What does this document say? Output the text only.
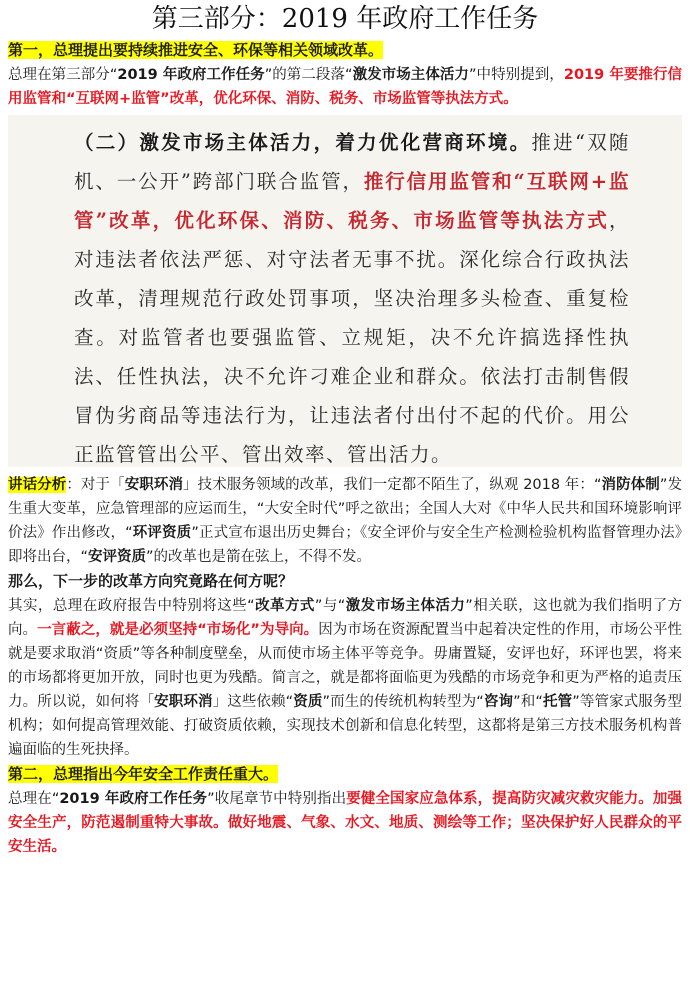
第三部分：2019 年政府工作任务

第一，总理提出要持续推进安全、环保等相关领域改革。

总理在第三部分“2019 年政府工作任务”的第二段落“激发市场主体活力”中特别提到，2019 年要推行信用监管和“互联网+监管”改革，优化环保、消防、税务、市场监管等执法方式。

（二）激发市场主体活力，着力优化营商环境。推进“双随机、一公开”跨部门联合监管，推行信用监管和“互联网+监管”改革，优化环保、消防、税务、市场监管等执法方式，对违法者依法严惩、对守法者无事不扰。深化综合行政执法改革，清理规范行政处罚事项，坚决治理多头检查、重复检查。对监管者也要强监管、立规矩，决不允许搞选择性执法、任性执法，决不允许刁难企业和群众。依法打击制售假冒伪劣商品等违法行为，让违法者付出付不起的代价。用公正监管管出公平、管出效率、管出活力。

讲话分析：对于「安职环消」技术服务领域的改革，我们一定都不陌生了，纵观 2018 年：“消防体制”发生重大变革，应急管理部的应运而生，“大安全时代”呼之欲出；全国人大对《中华人民共和国环境影响评价法》作出修改，“环评资质”正式宣布退出历史舞台；《安全评价与安全生产检测检验机构监督管理办法》即将出台，“安评资质”的改革也是箭在弦上，不得不发。

那么，下一步的改革方向究竟路在何方呢？

其实，总理在政府报告中特别将这些“改革方式”与“激发市场主体活力”相关联，这也就为我们指明了方向。一言蔽之，就是必须坚持“市场化”为导向。因为市场在资源配置当中起着决定性的作用，市场公平性就是要求取消“资质”等各种制度壁垒，从而使市场主体平等竞争。毋庸置疑，安评也好，环评也罢，将来的市场都将更加开放，同时也更为残酷。简言之，就是都将面临更为残酷的市场竞争和更为严格的追责压力。所以说，如何将「安职环消」这些依赖“资质”而生的传统机构转型为“咨询”和“托管”等管家式服务型机构；如何提高管理效能、打破资质依赖，实现技术创新和信息化转型，这都将是第三方技术服务机构普遍面临的生死抉择。

第二，总理指出今年安全工作责任重大。

总理在“2019 年政府工作任务”收尾章节中特别指出要健全国家应急体系，提高防灾减灾救灾能力。加强安全生产，防范遏制重特大事故。做好地震、气象、水文、地质、测绘等工作；坚决保护好人民群众的平安生活。
